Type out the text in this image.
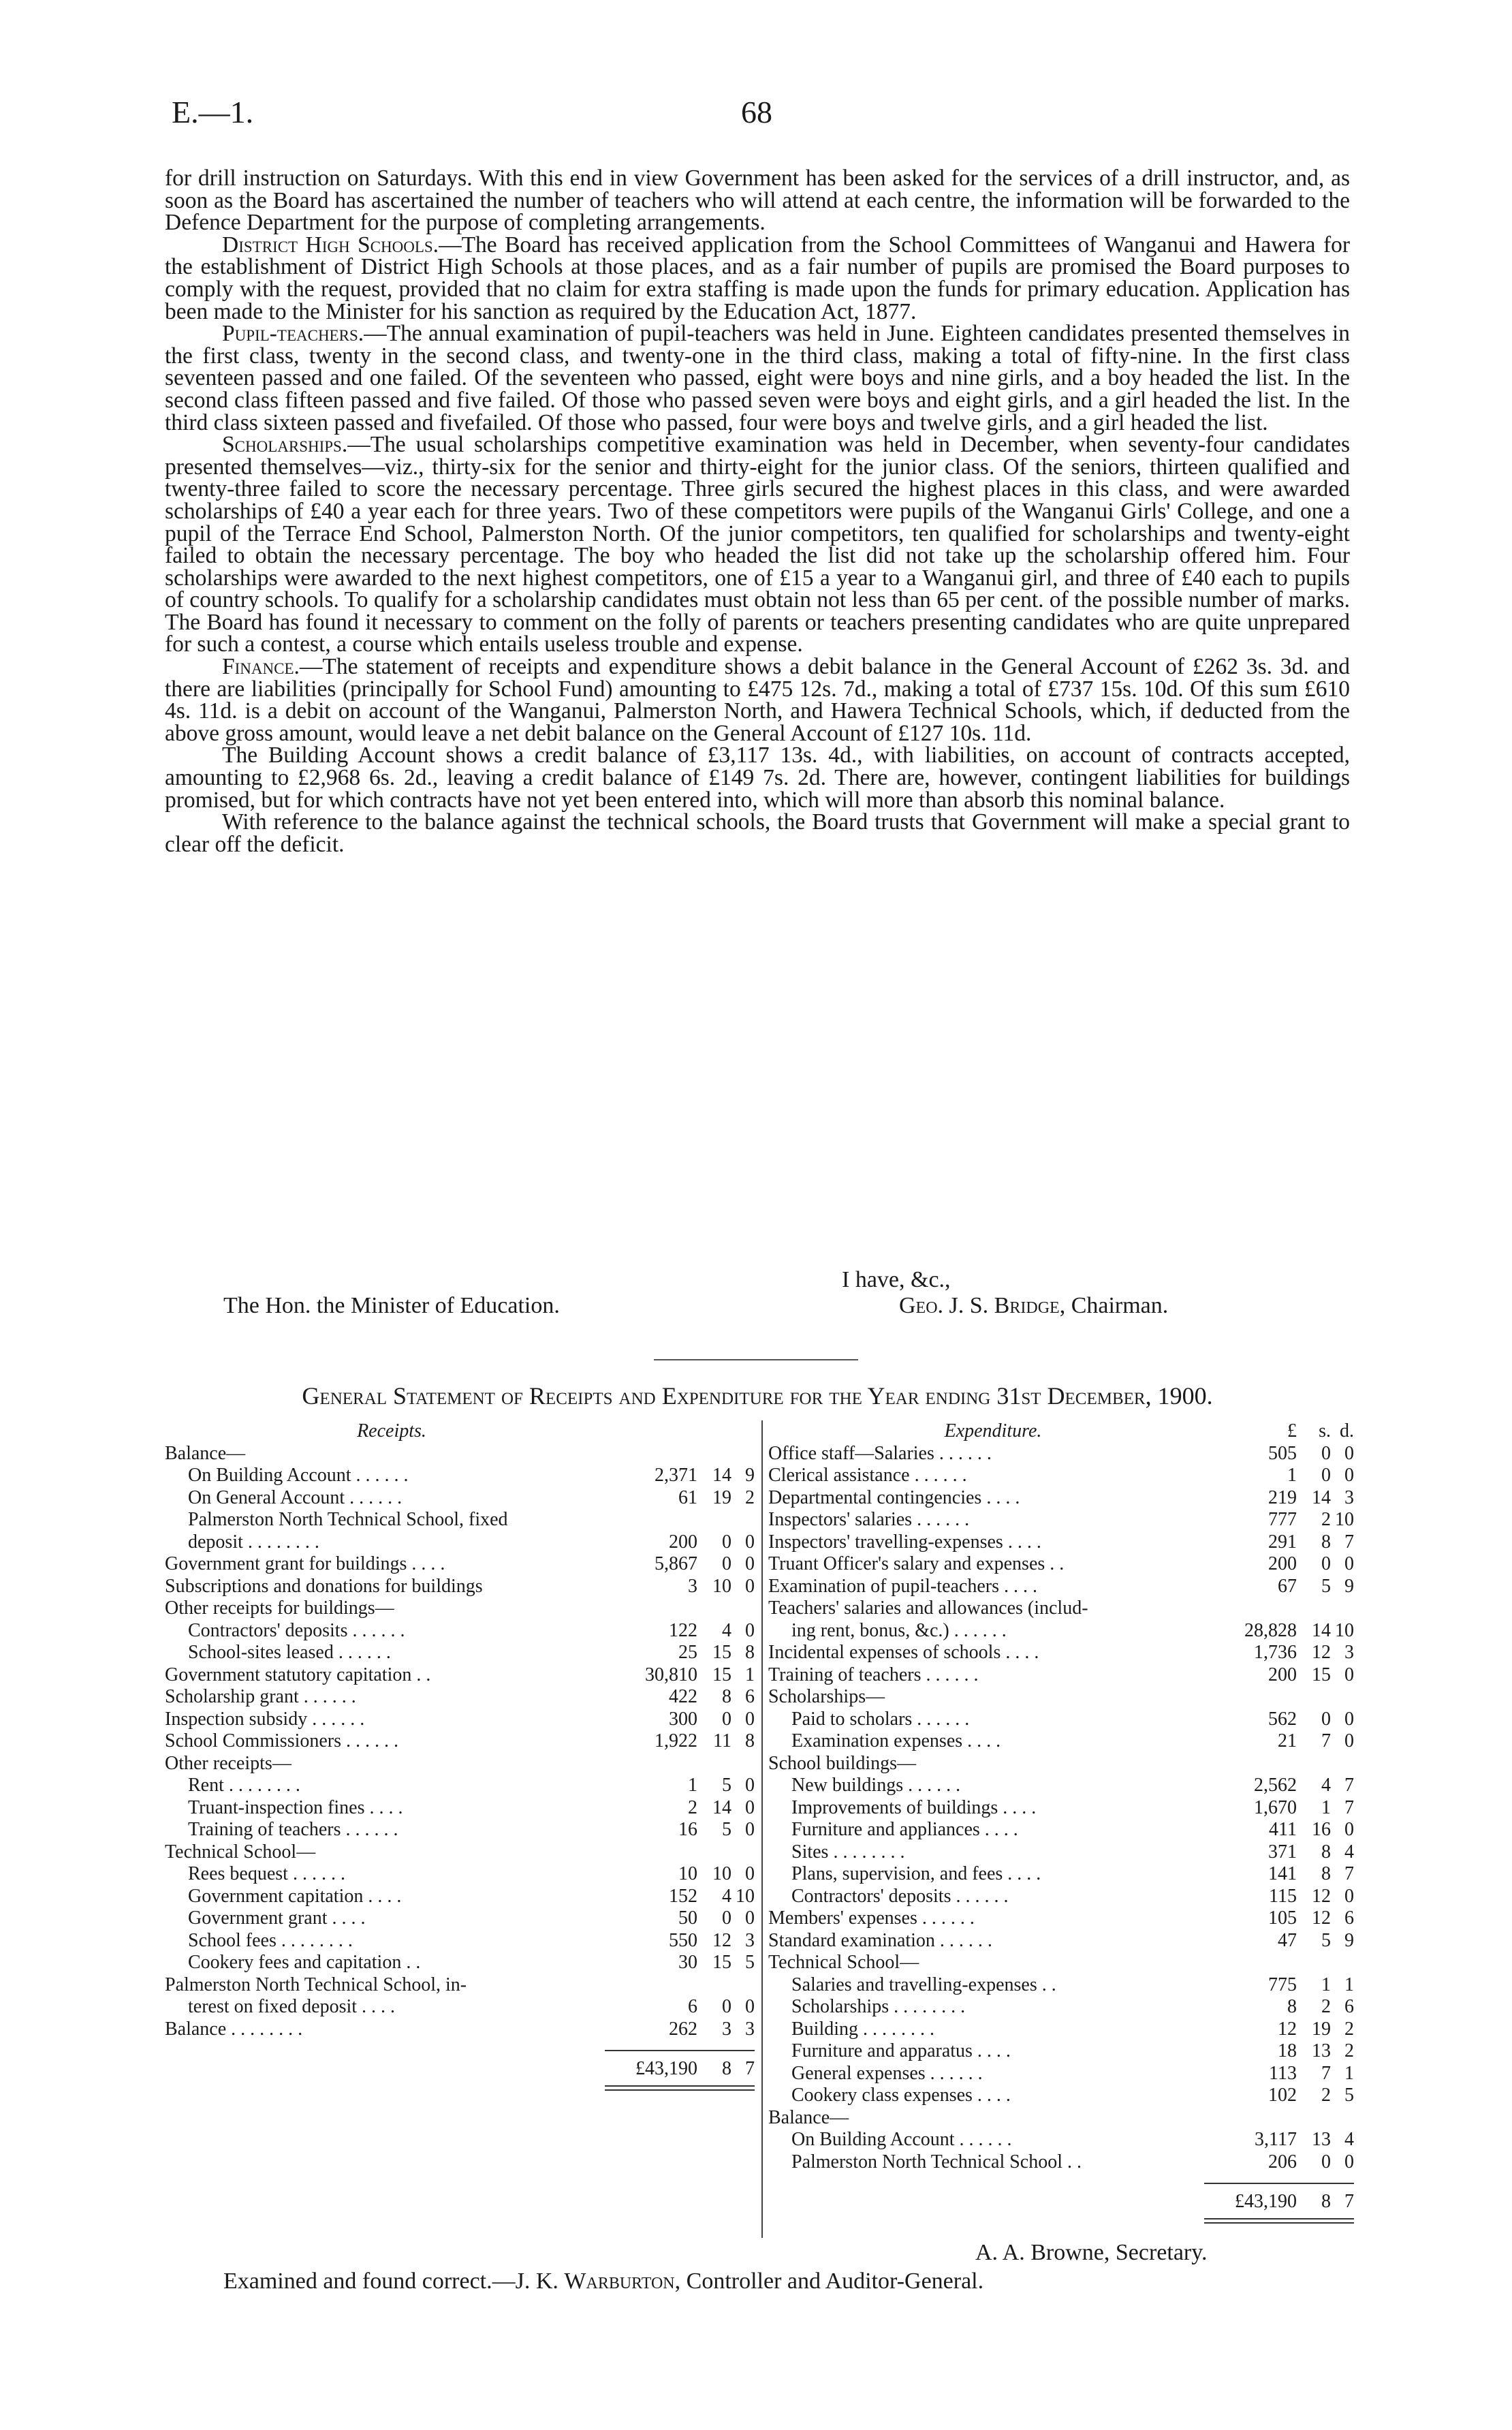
E.—1.	68

for drill instruction on Saturdays. With this end in view Government has been asked for the services of a drill instructor, and, as soon as the Board has ascertained the number of teachers who will attend at each centre, the information will be forwarded to the Defence Department for the purpose of completing arrangements.

District High Schools.—The Board has received application from the School Committees of Wanganui and Hawera for the establishment of District High Schools at those places, and as a fair number of pupils are promised the Board purposes to comply with the request, provided that no claim for extra staffing is made upon the funds for primary education. Application has been made to the Minister for his sanction as required by the Education Act, 1877.

Pupil-teachers.—The annual examination of pupil-teachers was held in June. Eighteen candidates presented themselves in the first class, twenty in the second class, and twenty-one in the third class, making a total of fifty-nine. In the first class seventeen passed and one failed. Of the seventeen who passed, eight were boys and nine girls, and a boy headed the list. In the second class fifteen passed and five failed. Of those who passed seven were boys and eight girls, and a girl headed the list. In the third class sixteen passed and fivefailed. Of those who passed, four were boys and twelve girls, and a girl headed the list.

Scholarships.—The usual scholarships competitive examination was held in December, when seventy-four candidates presented themselves—viz., thirty-six for the senior and thirty-eight for the junior class. Of the seniors, thirteen qualified and twenty-three failed to score the necessary percentage. Three girls secured the highest places in this class, and were awarded scholarships of £40 a year each for three years. Two of these competitors were pupils of the Wanganui Girls' College, and one a pupil of the Terrace End School, Palmerston North. Of the junior competitors, ten qualified for scholarships and twenty-eight failed to obtain the necessary percentage. The boy who headed the list did not take up the scholarship offered him. Four scholarships were awarded to the next highest competitors, one of £15 a year to a Wanganui girl, and three of £40 each to pupils of country schools. To qualify for a scholarship candidates must obtain not less than 65 per cent. of the possible number of marks. The Board has found it necessary to comment on the folly of parents or teachers presenting candidates who are quite unprepared for such a contest, a course which entails useless trouble and expense.

Finance.—The statement of receipts and expenditure shows a debit balance in the General Account of £262 3s. 3d. and there are liabilities (principally for School Fund) amounting to £475 12s. 7d., making a total of £737 15s. 10d. Of this sum £610 4s. 11d. is a debit on account of the Wanganui, Palmerston North, and Hawera Technical Schools, which, if deducted from the above gross amount, would leave a net debit balance on the General Account of £127 10s. 11d.

The Building Account shows a credit balance of £3,117 13s. 4d., with liabilities, on account of contracts accepted, amounting to £2,968 6s. 2d., leaving a credit balance of £149 7s. 2d. There are, however, contingent liabilities for buildings promised, but for which contracts have not yet been entered into, which will more than absorb this nominal balance.

With reference to the balance against the technical schools, the Board trusts that Government will make a special grant to clear off the deficit.

I have, &c.,
The Hon. the Minister of Education.	Geo. J. S. Bridge, Chairman.
General Statement of Receipts and Expenditure for the Year ending 31st December, 1900.
Receipts.
Balance—
On Building Account . . . . . .	2,371 14 9
On General Account . . . . . .	61 19 2
Palmerston North Technical School, fixed
deposit . . . . . . . .	200	0 0
Government grant for buildings . . . .	5,867	0 0
Subscriptions and donations for buildings	3 10 0
Other receipts for buildings—
Contractors' deposits . . . . . .	122	4 0
School-sites leased . . . . . .	25 15 8
Government statutory capitation . .	30,810 15 1
Scholarship grant . . . . . .	422	8 6
Inspection subsidy . . . . . .	300	0 0
School Commissioners . . . . . .	1,922 11 8
Other receipts—
Rent . . . . . . . .	1	5 0
Truant-inspection fines . . . .	2 14 0
Training of teachers . . . . . .	16	5 0
Technical School—
Rees bequest . . . . . .	10 10 0
Government capitation . . . .	152	4 10
Government grant . . . .	50	0 0
School fees . . . . . . . .	550 12 3
Cookery fees and capitation . .	30 15 5
Palmerston North Technical School, in-
terest on fixed deposit . . . .	6	0 0
Balance . . . . . . . .	262	3 3
£43,190	8 7
Expenditure.	£	s. d.
Office staff—Salaries . . . . . .	505	0 0
Clerical assistance . . . . . .	1	0 0
Departmental contingencies . . . .	219 14 3
Inspectors' salaries . . . . . .	777	2 10
Inspectors' travelling-expenses . . . .	291	8 7
Truant Officer's salary and expenses . .	200	0 0
Examination of pupil-teachers . . . .	67	5 9
Teachers' salaries and allowances (includ-
ing rent, bonus, &c.) . . . . . .	28,828 14 10
Incidental expenses of schools . . . .	1,736 12 3
Training of teachers . . . . . .	200 15 0
Scholarships—
Paid to scholars . . . . . .	562	0 0
Examination expenses . . . .	21	7 0
School buildings—
New buildings . . . . . .	2,562	4 7
Improvements of buildings . . . .	1,670	1 7
Furniture and appliances . . . .	411 16 0
Sites . . . . . . . .	371	8 4
Plans, supervision, and fees . . . .	141	8 7
Contractors' deposits . . . . . .	115 12 0
Members' expenses . . . . . .	105 12 6
Standard examination . . . . . .	47	5 9
Technical School—
Salaries and travelling-expenses . .	775	1 1
Scholarships . . . . . . . .	8	2 6
Building . . . . . . . .	12 19 2
Furniture and apparatus . . . .	18 13 2
General expenses . . . . . .	113	7 1
Cookery class expenses . . . .	102	2 5
Balance—
On Building Account . . . . . .	3,117 13 4
Palmerston North Technical School . .	206	0 0
£43,190	8 7
A. A. Browne, Secretary.
Examined and found correct.—J. K. Warburton, Controller and Auditor-General.
